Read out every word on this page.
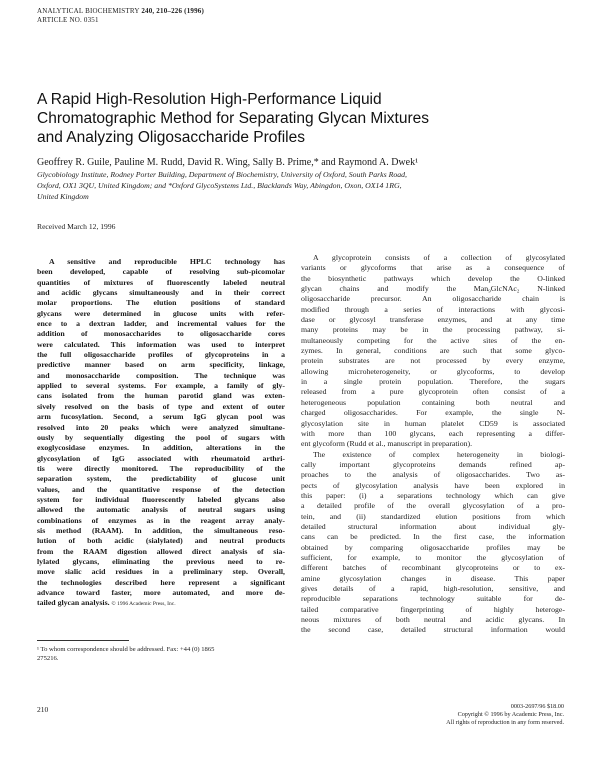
ANALYTICAL BIOCHEMISTRY 240, 210–226 (1996)
ARTICLE NO. 0351
A Rapid High-Resolution High-Performance Liquid
Chromatographic Method for Separating Glycan Mixtures
and Analyzing Oligosaccharide Profiles
Geoffrey R. Guile, Pauline M. Rudd, David R. Wing, Sally B. Prime,* and Raymond A. Dwek¹
Glycobiology Institute, Rodney Porter Building, Department of Biochemistry, University of Oxford, South Parks Road,
Oxford, OX1 3QU, United Kingdom; and *Oxford GlycoSystems Ltd., Blacklands Way, Abingdon, Oxon, OX14 1RG,
United Kingdom
Received March 12, 1996
A sensitive and reproducible HPLC technology has
been developed, capable of resolving sub-picomolar
quantities of mixtures of fluorescently labeled neutral
and acidic glycans simultaneously and in their correct
molar proportions. The elution positions of standard
glycans were determined in glucose units with refer-
ence to a dextran ladder, and incremental values for the
addition of monosaccharides to oligosaccharide cores
were calculated. This information was used to interpret
the full oligosaccharide profiles of glycoproteins in a
predictive manner based on arm specificity, linkage,
and monosaccharide composition. The technique was
applied to several systems. For example, a family of gly-
cans isolated from the human parotid gland was exten-
sively resolved on the basis of type and extent of outer
arm fucosylation. Second, a serum IgG glycan pool was
resolved into 20 peaks which were analyzed simultane-
ously by sequentially digesting the pool of sugars with
exoglycosidase enzymes. In addition, alterations in the
glycosylation of IgG associated with rheumatoid arthri-
tis were directly monitored. The reproducibility of the
separation system, the predictability of glucose unit
values, and the quantitative response of the detection
system for individual fluorescently labeled glycans also
allowed the automatic analysis of neutral sugars using
combinations of enzymes as in the reagent array analy-
sis method (RAAM). In addition, the simultaneous reso-
lution of both acidic (sialylated) and neutral products
from the RAAM digestion allowed direct analysis of sia-
lylated glycans, eliminating the previous need to re-
move sialic acid residues in a preliminary step. Overall,
the technologies described here represent a significant
advance toward faster, more automated, and more de-
tailed glycan analysis. © 1996 Academic Press, Inc.
A glycoprotein consists of a collection of glycosylated
variants or glycoforms that arise as a consequence of
the biosynthetic pathways which develop the O-linked
glycan chains and modify the Man₉GlcNAc₂ N-linked
oligosaccharide precursor. An oligosaccharide chain is
modified through a series of interactions with glycosi-
dase or glycosyl transferase enzymes, and at any time
many proteins may be in the processing pathway, si-
multaneously competing for the active sites of the en-
zymes. In general, conditions are such that some glyco-
protein substrates are not processed by every enzyme,
allowing microheterogeneity, or glycoforms, to develop
in a single protein population. Therefore, the sugars
released from a pure glycoprotein often consist of a
heterogeneous population containing both neutral and
charged oligosaccharides. For example, the single N-
glycosylation site in human platelet CD59 is associated
with more than 100 glycans, each representing a differ-
ent glycoform (Rudd et al., manuscript in preparation).
The existence of complex heterogeneity in biologi-
cally important glycoproteins demands refined ap-
proaches to the analysis of oligosaccharides. Two as-
pects of glycosylation analysis have been explored in
this paper: (i) a separations technology which can give
a detailed profile of the overall glycosylation of a pro-
tein, and (ii) standardized elution positions from which
detailed structural information about individual gly-
cans can be predicted. In the first case, the information
obtained by comparing oligosaccharide profiles may be
sufficient, for example, to monitor the glycosylation of
different batches of recombinant glycoproteins or to ex-
amine glycosylation changes in disease. This paper
gives details of a rapid, high-resolution, sensitive, and
reproducible separations technology suitable for de-
tailed comparative fingerprinting of highly heteroge-
neous mixtures of both neutral and acidic glycans. In
the second case, detailed structural information would
¹ To whom correspondence should be addressed. Fax: +44 (0) 1865
275216.
210	0003-2697/96 $18.00
Copyright © 1996 by Academic Press, Inc.
All rights of reproduction in any form reserved.
